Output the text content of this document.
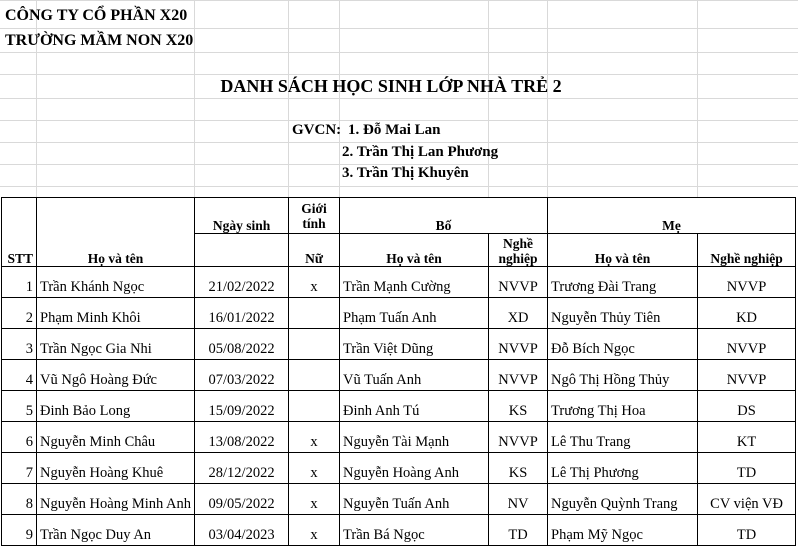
CÔNG TY CỔ PHẦN X20
TRƯỜNG MẦM NON X20
DANH SÁCH HỌC SINH LỚP NHÀ TRẺ 2
GVCN: 1. Đỗ Mai Lan
2. Trần Thị Lan Phương
3. Trần Thị Khuyên
STT	Họ và tên	Ngày sinh	Giới tính	Bố		Mẹ	
			Nữ	Họ và tên	Nghề nghiệp	Họ và tên	Nghề nghiệp
1	Trần Khánh Ngọc	21/02/2022	x	Trần Mạnh Cường	NVVP	Trương Đài Trang	NVVP
2	Phạm Minh Khôi	16/01/2022		Phạm Tuấn Anh	XD	Nguyễn Thủy Tiên	KD
3	Trần Ngọc Gia Nhi	05/08/2022		Trần Việt Dũng	NVVP	Đỗ Bích Ngọc	NVVP
4	Vũ Ngô Hoàng Đức	07/03/2022		Vũ Tuấn Anh	NVVP	Ngô Thị Hồng Thủy	NVVP
5	Đinh Bảo Long	15/09/2022		Đinh Anh Tú	KS	Trương Thị Hoa	DS
6	Nguyễn Minh Châu	13/08/2022	x	Nguyễn Tài Mạnh	NVVP	Lê Thu Trang	KT
7	Nguyễn Hoàng Khuê	28/12/2022	x	Nguyễn Hoàng Anh	KS	Lê Thị Phương	TD
8	Nguyễn Hoàng Minh Anh	09/05/2022	x	Nguyễn Tuấn Anh	NV	Nguyễn Quỳnh Trang	CV viện VĐ
9	Trần Ngọc Duy An	03/04/2023	x	Trần Bá Ngọc	TD	Phạm Mỹ Ngọc	TD
